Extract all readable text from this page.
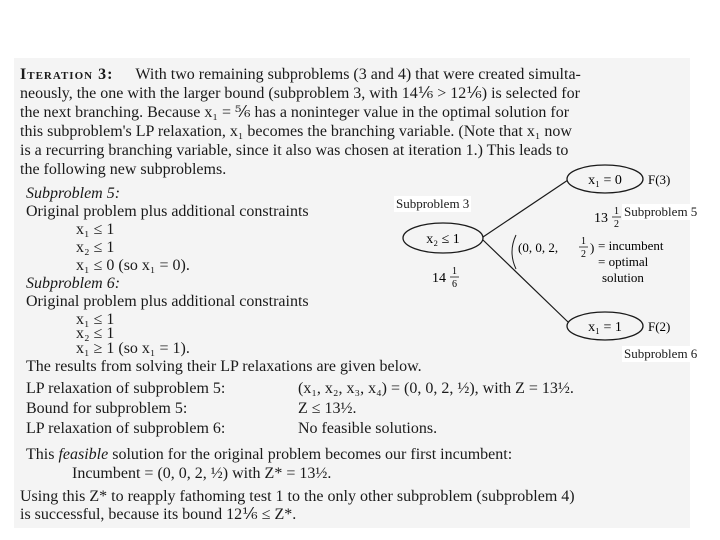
Iteration 3: With two remaining subproblems (3 and 4) that were created simulta-
neously, the one with the larger bound (subproblem 3, with 14⅙ > 12⅙) is selected for
the next branching. Because x₁ = ⅚ has a noninteger value in the optimal solution for
this subproblem's LP relaxation, x₁ becomes the branching variable. (Note that x₁ now
is a recurring branching variable, since it also was chosen at iteration 1.) This leads to
the following new subproblems.
Subproblem 5:
Original problem plus additional constraints
x₁ ≤ 1
x₂ ≤ 1
x₁ ≤ 0 (so x₁ = 0).
Subproblem 6:
Original problem plus additional constraints
x₁ ≤ 1
x₂ ≤ 1
x₁ ≥ 1 (so x₁ = 1).
The results from solving their LP relaxations are given below.
LP relaxation of subproblem 5:	(x₁, x₂, x₃, x₄) = (0, 0, 2, ½), with Z = 13½.
Bound for subproblem 5:	Z ≤ 13½.
LP relaxation of subproblem 6:	No feasible solutions.
This feasible solution for the original problem becomes our first incumbent:
Incumbent = (0, 0, 2, ½) with Z* = 13½.
Using this Z* to reapply fathoming test 1 to the only other subproblem (subproblem 4)
is successful, because its bound 12⅙ ≤ Z*.
x₂ ≤ 1
14 1
6
x₁ = 0 F(3)
13 1
2
(0, 0, 2, 1
2 ) = incumbent
= optimal
solution
x₁ = 1 F(2)
Subproblem 3
Subproblem 5
Subproblem 6
